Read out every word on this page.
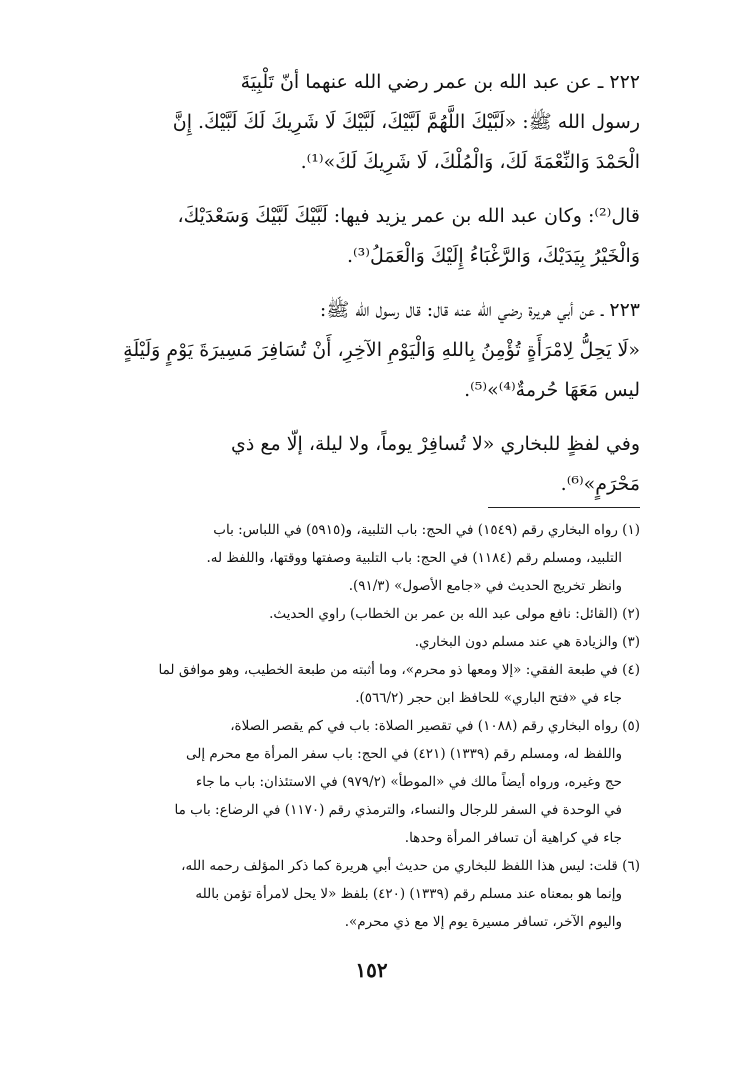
٢٢٢ ـ عن عبد الله بن عمر رضي الله عنهما أنّ تَلْبِيَةَ
رسول الله ﷺ: «لَبَّيْكَ اللَّهُمَّ لَبَّيْكَ، لَبَّيْكَ لَا شَرِيكَ لَكَ لَبَّيْكَ. إِنَّ
الْحَمْدَ وَالنِّعْمَةَ لَكَ، وَالْمُلْكَ، لَا شَرِيكَ لَكَ»⁽¹⁾.

قال⁽²⁾: وكان عبد الله بن عمر يزيد فيها: لَبَّيْكَ لَبَّيْكَ وَسَعْدَيْكَ،
وَالْخَيْرُ بِيَدَيْكَ، وَالرَّغْبَاءُ إِلَيْكَ وَالْعَمَلُ⁽³⁾.

٢٢٣ ـ عن أبي هريرة رضي الله عنه قال: قال رسول الله ﷺ:
«لَا يَحِلُّ لِامْرَأَةٍ تُؤْمِنُ بِاللهِ وَالْيَوْمِ الآخِرِ، أَنْ تُسَافِرَ مَسِيرَةَ يَوْمٍ وَلَيْلَةٍ
ليس مَعَهَا حُرمةٌ⁽⁴⁾»⁽⁵⁾.

وفي لفظٍ للبخاري «لا تُسافِرْ يوماً، ولا ليلة، إلّا مع ذي
مَحْرَمٍ»⁽⁶⁾.

(١) رواه البخاري رقم (١٥٤٩) في الحج: باب التلبية، و(٥٩١٥) في اللباس: باب
التلبيد، ومسلم رقم (١١٨٤) في الحج: باب التلبية وصفتها ووقتها، واللفظ له.
وانظر تخريج الحديث في «جامع الأصول» (٩١/٣).

(٢) (القائل: نافع مولى عبد الله بن عمر بن الخطاب) راوي الحديث.

(٣) والزيادة هي عند مسلم دون البخاري.

(٤) في طبعة الفقي: «إلا ومعها ذو محرم»، وما أثبته من طبعة الخطيب، وهو موافق لما
جاء في «فتح الباري» للحافظ ابن حجر (٥٦٦/٢).

(٥) رواه البخاري رقم (١٠٨٨) في تقصير الصلاة: باب في كم يقصر الصلاة،
واللفظ له، ومسلم رقم (١٣٣٩) (٤٢١) في الحج: باب سفر المرأة مع محرم إلى
حج وغيره، ورواه أيضاً مالك في «الموطأ» (٩٧٩/٢) في الاستئذان: باب ما جاء
في الوحدة في السفر للرجال والنساء، والترمذي رقم (١١٧٠) في الرضاع: باب ما
جاء في كراهية أن تسافر المرأة وحدها.

(٦) قلت: ليس هذا اللفظ للبخاري من حديث أبي هريرة كما ذكر المؤلف رحمه الله،
وإنما هو بمعناه عند مسلم رقم (١٣٣٩) (٤٢٠) بلفظ «لا يحل لامرأة تؤمن بالله
واليوم الآخر، تسافر مسيرة يوم إلا مع ذي محرم».

١٥٢
